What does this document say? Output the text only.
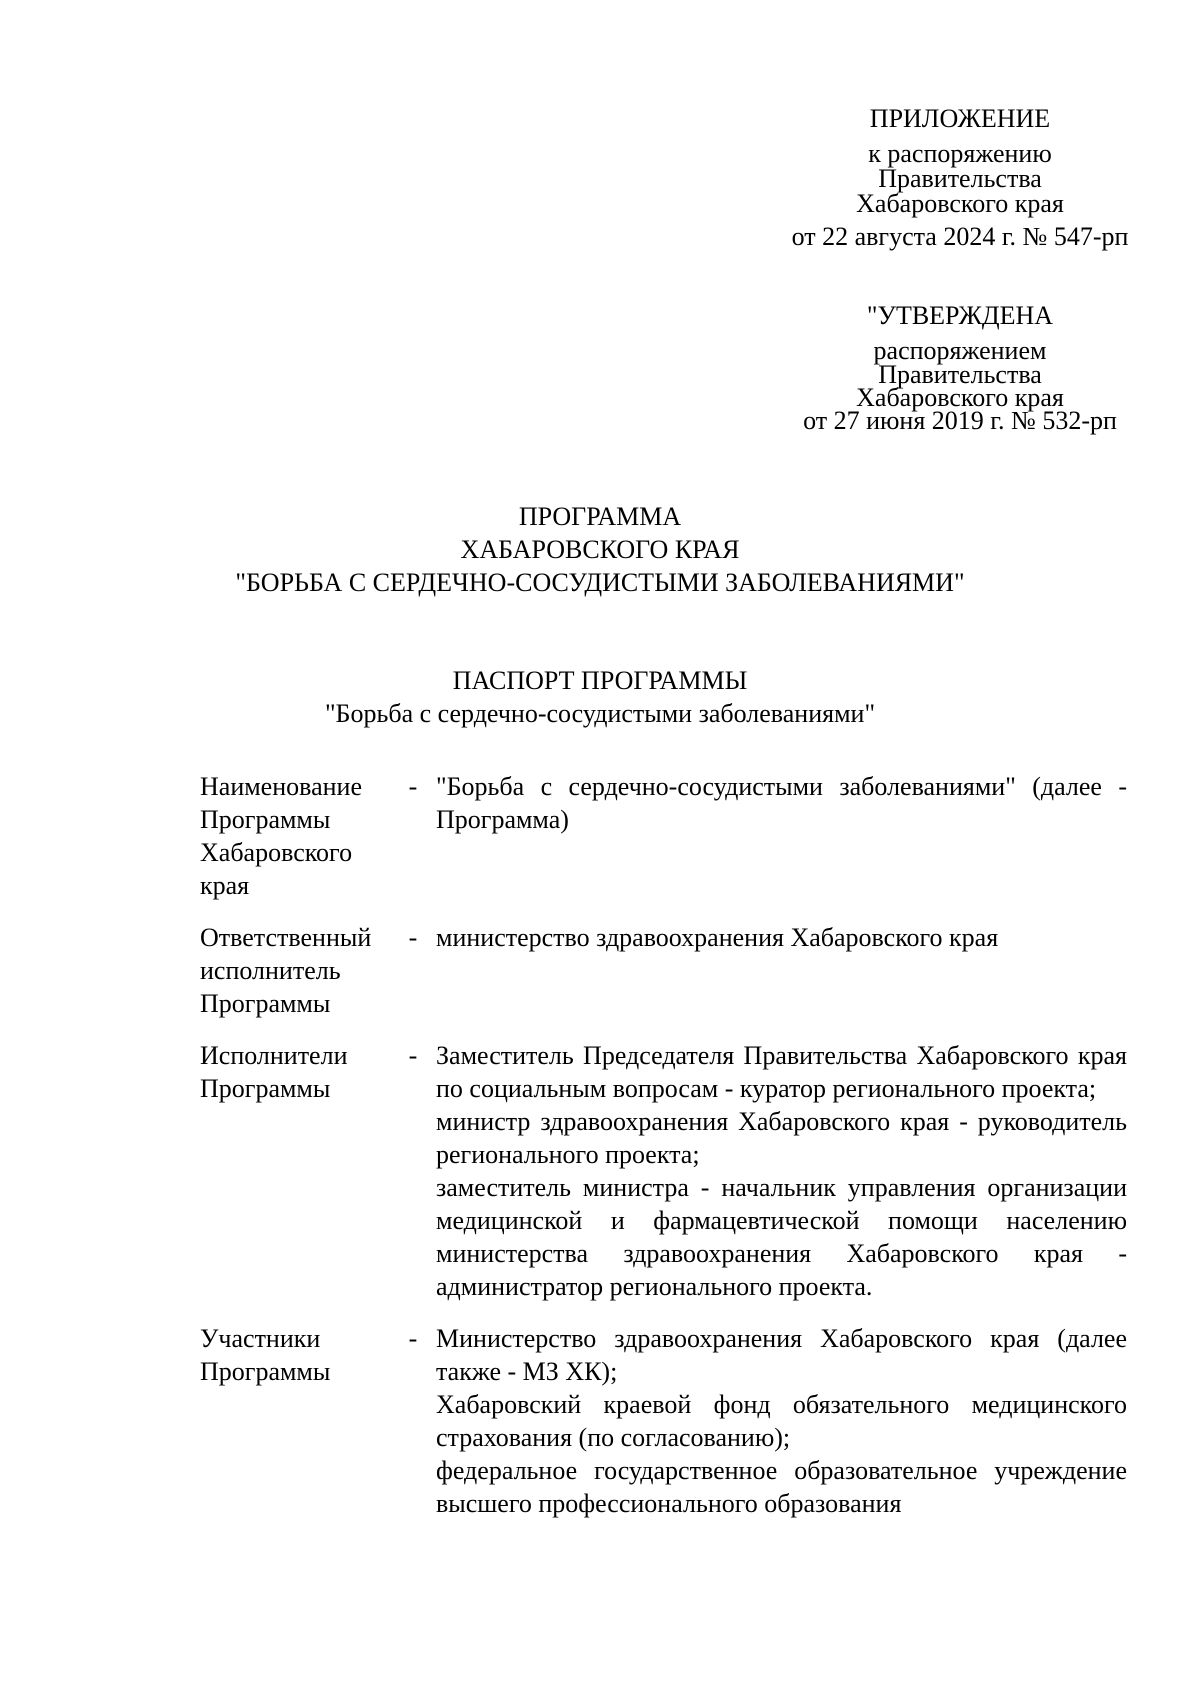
ПРИЛОЖЕНИЕ
к распоряжению
Правительства
Хабаровского края
от 22 августа 2024 г. № 547-рп
"УТВЕРЖДЕНА
распоряжением
Правительства
Хабаровского края
от 27 июня 2019 г. № 532-рп
ПРОГРАММА
ХАБАРОВСКОГО КРАЯ
"БОРЬБА С СЕРДЕЧНО-СОСУДИСТЫМИ ЗАБОЛЕВАНИЯМИ"
ПАСПОРТ ПРОГРАММЫ
"Борьба с сердечно-сосудистыми заболеваниями"
Наименование
Программы
Хабаровского
края
- "Борьба с сердечно-сосудистыми заболеваниями" (далее - Программа)

Ответственный
исполнитель
Программы
- министерство здравоохранения Хабаровского края

Исполнители
Программы
- Заместитель Председателя Правительства Хабаровского края по социальным вопросам - куратор регионального проекта;

министр здравоохранения Хабаровского края - руководитель регионального проекта;

заместитель министра - начальник управления организации медицинской и фармацевтической помощи населению министерства здравоохранения Хабаровского края - администратор регионального проекта.

Участники
Программы
- Министерство здравоохранения Хабаровского края (далее также - МЗ ХК);

Хабаровский краевой фонд обязательного медицинского страхования (по согласованию);

федеральное государственное образовательное учреждение высшего профессионального образования
